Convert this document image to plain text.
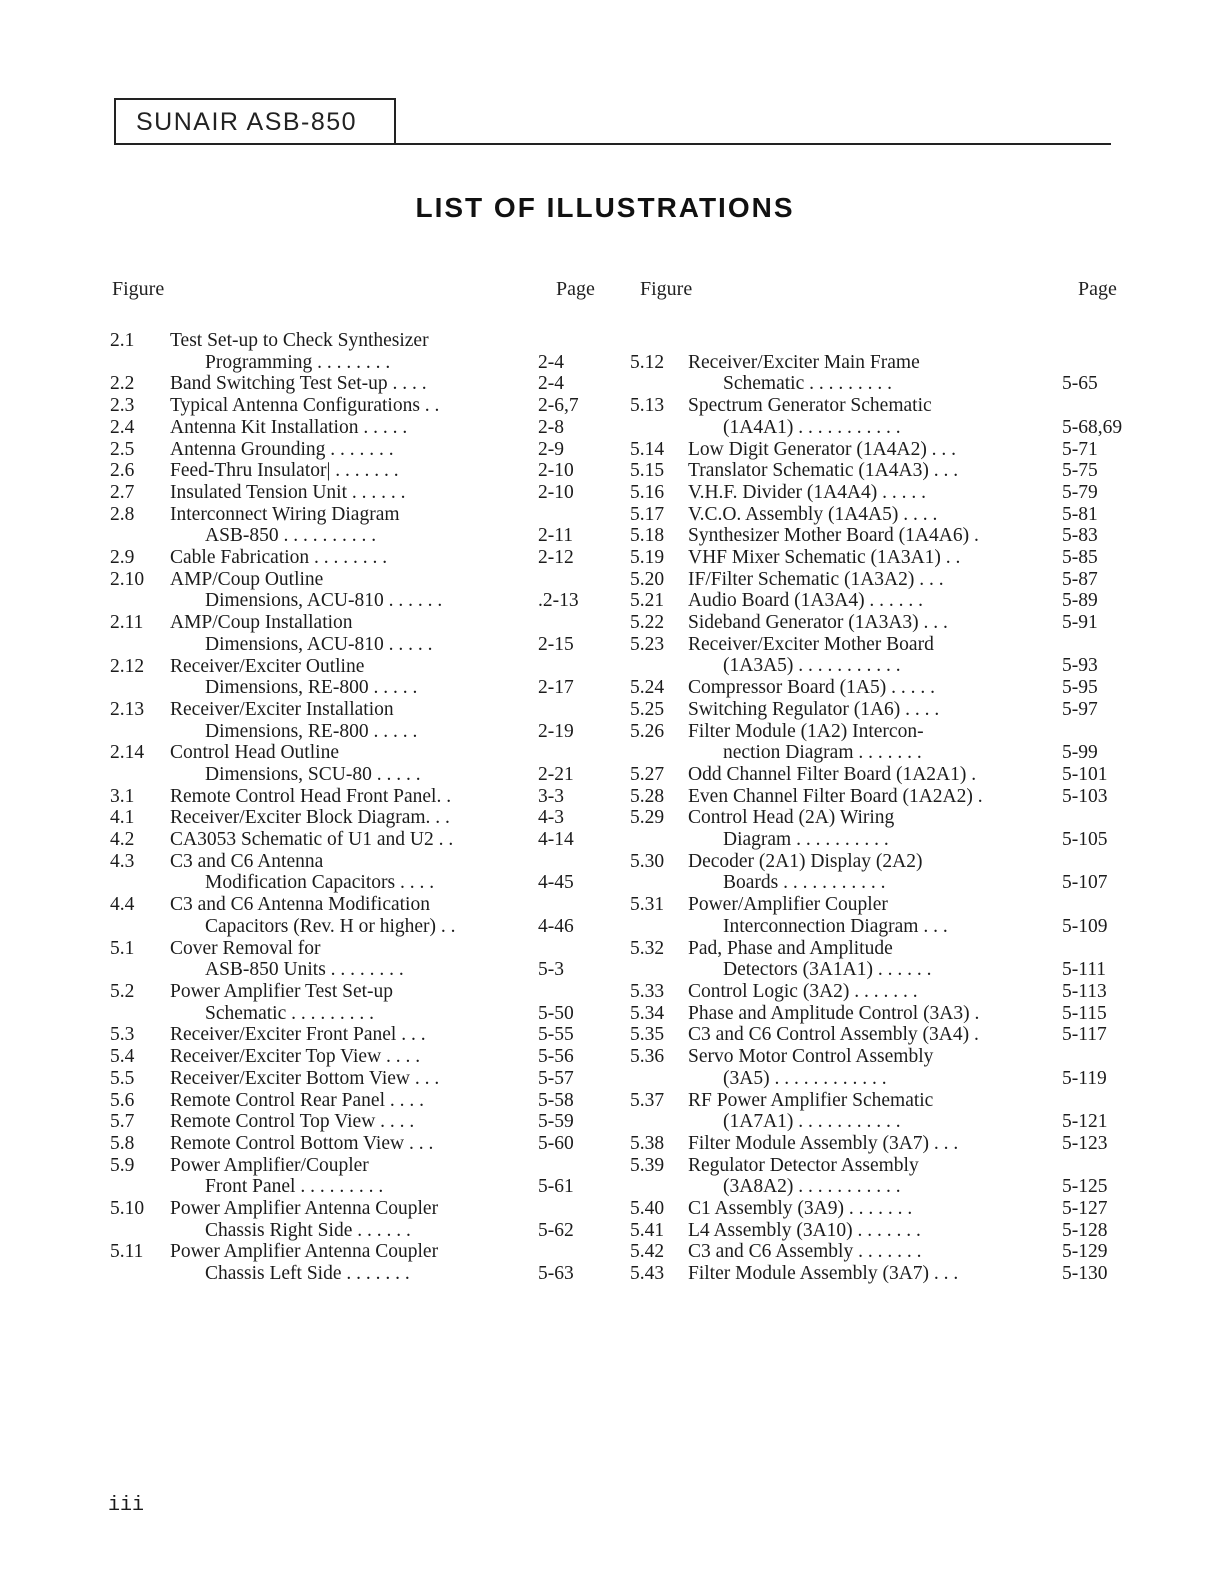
SUNAIR ASB-850
LIST OF ILLUSTRATIONS
Figure	Page Figure	Page
2.1 Test Set-up to Check Synthesizer
Programming . . . . . . . .	2-4
2.2 Band Switching Test Set-up . . . .	2-4
2.3 Typical Antenna Configurations . .	2-6,7
2.4 Antenna Kit Installation . . . . .	2-8
2.5 Antenna Grounding . . . . . . .	2-9
2.6 Feed-Thru Insulator| . . . . . . .	2-10
2.7 Insulated Tension Unit . . . . . .	2-10
2.8 Interconnect Wiring Diagram
ASB-850 . . . . . . . . . .	2-11
2.9 Cable Fabrication . . . . . . . .	2-12
2.10 AMP/Coup Outline
Dimensions, ACU-810 . . . . . .	.2-13
2.11 AMP/Coup Installation
Dimensions, ACU-810 . . . . .	2-15
2.12 Receiver/Exciter Outline
Dimensions, RE-800 . . . . .	2-17
2.13 Receiver/Exciter Installation
Dimensions, RE-800 . . . . .	2-19
2.14 Control Head Outline
Dimensions, SCU-80 . . . . .	2-21
3.1 Remote Control Head Front Panel. .	3-3
4.1 Receiver/Exciter Block Diagram. . .	4-3
4.2 CA3053 Schematic of U1 and U2 . .	4-14
4.3 C3 and C6 Antenna
Modification Capacitors . . . .	4-45
4.4 C3 and C6 Antenna Modification
Capacitors (Rev. H or higher) . .	4-46
5.1 Cover Removal for
ASB-850 Units . . . . . . . .	5-3
5.2 Power Amplifier Test Set-up
Schematic . . . . . . . . .	5-50
5.3 Receiver/Exciter Front Panel . . .	5-55
5.4 Receiver/Exciter Top View . . . .	5-56
5.5 Receiver/Exciter Bottom View . . .	5-57
5.6 Remote Control Rear Panel . . . .	5-58
5.7 Remote Control Top View . . . .	5-59
5.8 Remote Control Bottom View . . .	5-60
5.9 Power Amplifier/Coupler
Front Panel . . . . . . . . .	5-61
5.10 Power Amplifier Antenna Coupler
Chassis Right Side . . . . . .	5-62
5.11 Power Amplifier Antenna Coupler
Chassis Left Side . . . . . . .	5-63
5.12 Receiver/Exciter Main Frame
Schematic . . . . . . . . .	5-65
5.13 Spectrum Generator Schematic
(1A4A1) . . . . . . . . . . .	5-68,69
5.14 Low Digit Generator (1A4A2) . . .	5-71
5.15 Translator Schematic (1A4A3) . . .	5-75
5.16 V.H.F. Divider (1A4A4) . . . . .	5-79
5.17 V.C.O. Assembly (1A4A5) . . . .	5-81
5.18 Synthesizer Mother Board (1A4A6) .	5-83
5.19 VHF Mixer Schematic (1A3A1) . .	5-85
5.20 IF/Filter Schematic (1A3A2) . . .	5-87
5.21 Audio Board (1A3A4) . . . . . .	5-89
5.22 Sideband Generator (1A3A3) . . .	5-91
5.23 Receiver/Exciter Mother Board
(1A3A5) . . . . . . . . . . .	5-93
5.24 Compressor Board (1A5) . . . . .	5-95
5.25 Switching Regulator (1A6) . . . .	5-97
5.26 Filter Module (1A2) Intercon-
nection Diagram . . . . . . .	5-99
5.27 Odd Channel Filter Board (1A2A1) .	5-101
5.28 Even Channel Filter Board (1A2A2) .	5-103
5.29 Control Head (2A) Wiring
Diagram . . . . . . . . . .	5-105
5.30 Decoder (2A1) Display (2A2)
Boards . . . . . . . . . . .	5-107
5.31 Power/Amplifier Coupler
Interconnection Diagram . . .	5-109
5.32 Pad, Phase and Amplitude
Detectors (3A1A1) . . . . . .	5-111
5.33 Control Logic (3A2) . . . . . . .	5-113
5.34 Phase and Amplitude Control (3A3) .	5-115
5.35 C3 and C6 Control Assembly (3A4) .	5-117
5.36 Servo Motor Control Assembly
(3A5) . . . . . . . . . . . .	5-119
5.37 RF Power Amplifier Schematic
(1A7A1) . . . . . . . . . . .	5-121
5.38 Filter Module Assembly (3A7) . . .	5-123
5.39 Regulator Detector Assembly
(3A8A2) . . . . . . . . . . .	5-125
5.40 C1 Assembly (3A9) . . . . . . .	5-127
5.41 L4 Assembly (3A10) . . . . . . .	5-128
5.42 C3 and C6 Assembly . . . . . . .	5-129
5.43 Filter Module Assembly (3A7) . . .	5-130
iii
